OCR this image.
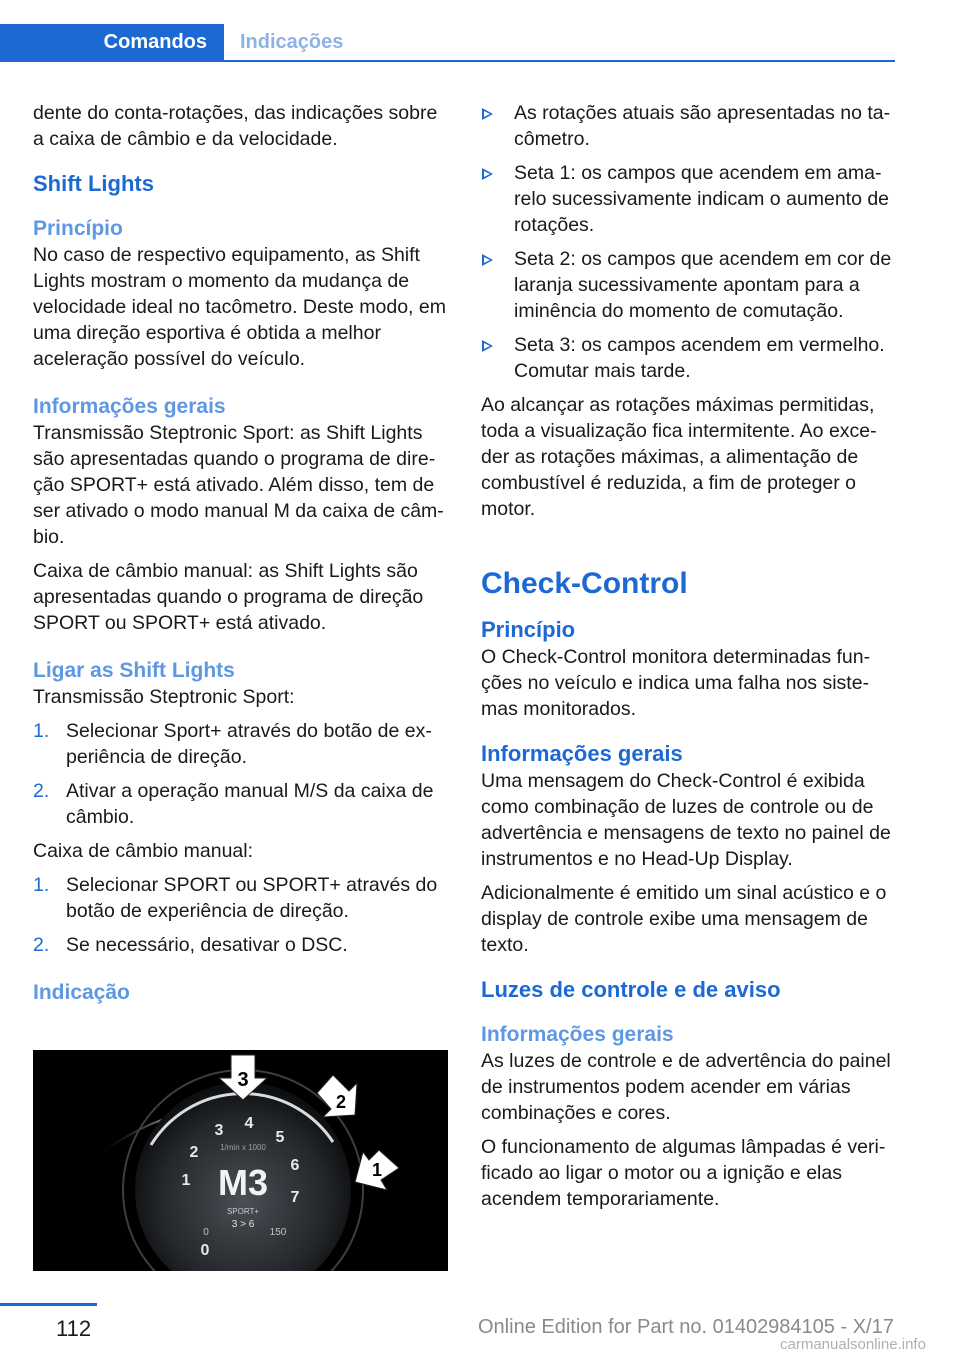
Comandos Indicações

dente do conta-rotações, das indicações sobre a caixa de câmbio e da velocidade.

Shift Lights
Princípio

No caso de respectivo equipamento, as Shift Lights mostram o momento da mudança de velocidade ideal no tacômetro. Deste modo, em uma direção esportiva é obtida a melhor aceleração possível do veículo.

Informações gerais

Transmissão Steptronic Sport: as Shift Lights são apresentadas quando o programa de direção SPORT+ está ativado. Além disso, tem de ser ativado o modo manual M da caixa de câmbio.

Caixa de câmbio manual: as Shift Lights são apresentadas quando o programa de direção SPORT ou SPORT+ está ativado.

Ligar as Shift Lights

Transmissão Steptronic Sport:

1. Selecionar Sport+ através do botão de experiência de direção.
2. Ativar a operação manual M/S da caixa de câmbio.

Caixa de câmbio manual:

1. Selecionar SPORT ou SPORT+ através do botão de experiência de direção.
2. Se necessário, desativar o DSC.
Indicação
0
1
2
3 4
5
6
7
1/min x 1000
M3
0	150
SPORT+
3 > 6
3
2
1
As rotações atuais são apresentadas no tacômetro.
Seta 1: os campos que acendem em amarelo sucessivamente indicam o aumento de rotações.
Seta 2: os campos que acendem em cor de laranja sucessivamente apontam para a iminência do momento de comutação.
Seta 3: os campos acendem em vermelho. Comutar mais tarde.

Ao alcançar as rotações máximas permitidas, toda a visualização fica intermitente. Ao exceder as rotações máximas, a alimentação de combustível é reduzida, a fim de proteger o motor.

Check-Control
Princípio

O Check-Control monitora determinadas funções no veículo e indica uma falha nos sistemas monitorados.

Informações gerais

Uma mensagem do Check-Control é exibida como combinação de luzes de controle ou de advertência e mensagens de texto no painel de instrumentos e no Head-Up Display.

Adicionalmente é emitido um sinal acústico e o display de controle exibe uma mensagem de texto.

Luzes de controle e de aviso
Informações gerais

As luzes de controle e de advertência do painel de instrumentos podem acender em várias combinações e cores.

O funcionamento de algumas lâmpadas é verificado ao ligar o motor ou a ignição e elas acendem temporariamente.

112	Online Edition for Part no. 01402984105 - X/17
carmanualsonline.info
